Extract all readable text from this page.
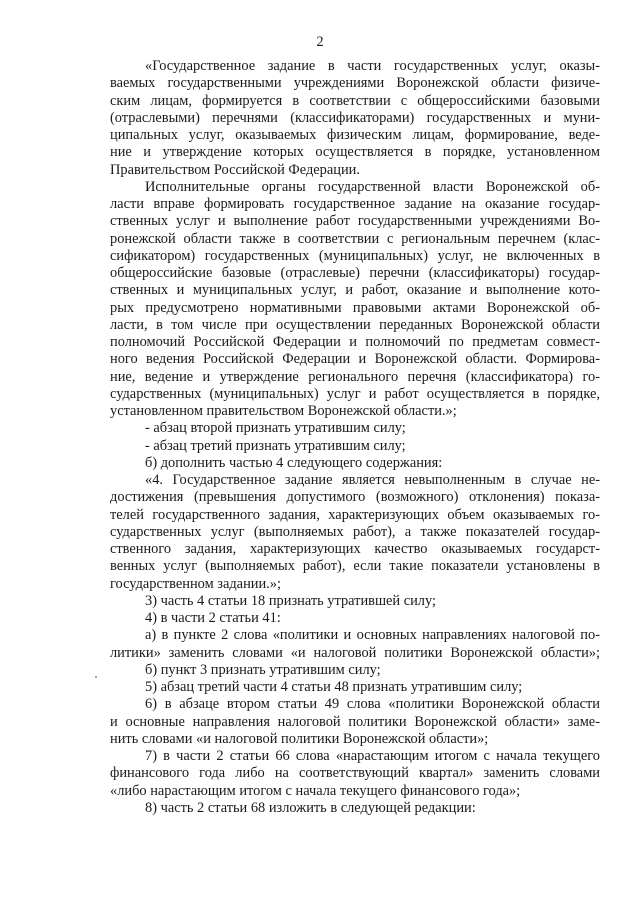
2
«Государственное задание в части государственных услуг, оказы-
ваемых государственными учреждениями Воронежской области физиче-
ским лицам, формируется в соответствии с общероссийскими базовыми
(отраслевыми) перечнями (классификаторами) государственных и муни-
ципальных услуг, оказываемых физическим лицам, формирование, веде-
ние и утверждение которых осуществляется в порядке, установленном
Правительством Российской Федерации.
Исполнительные органы государственной власти Воронежской об-
ласти вправе формировать государственное задание на оказание государ-
ственных услуг и выполнение работ государственными учреждениями Во-
ронежской области также в соответствии с региональным перечнем (клас-
сификатором) государственных (муниципальных) услуг, не включенных в
общероссийские базовые (отраслевые) перечни (классификаторы) государ-
ственных и муниципальных услуг, и работ, оказание и выполнение кото-
рых предусмотрено нормативными правовыми актами Воронежской об-
ласти, в том числе при осуществлении переданных Воронежской области
полномочий Российской Федерации и полномочий по предметам совмест-
ного ведения Российской Федерации и Воронежской области. Формирова-
ние, ведение и утверждение регионального перечня (классификатора) го-
сударственных (муниципальных) услуг и работ осуществляется в порядке,
установленном правительством Воронежской области.»;
- абзац второй признать утратившим силу;
- абзац третий признать утратившим силу;
б) дополнить частью 4 следующего содержания:
«4. Государственное задание является невыполненным в случае не-
достижения (превышения допустимого (возможного) отклонения) показа-
телей государственного задания, характеризующих объем оказываемых го-
сударственных услуг (выполняемых работ), а также показателей государ-
ственного задания, характеризующих качество оказываемых государст-
венных услуг (выполняемых работ), если такие показатели установлены в
государственном задании.»;
3) часть 4 статьи 18 признать утратившей силу;
4) в части 2 статьи 41:
а) в пункте 2 слова «политики и основных направлениях налоговой по-
литики» заменить словами «и налоговой политики Воронежской области»;
б) пункт 3 признать утратившим силу;
5) абзац третий части 4 статьи 48 признать утратившим силу;
6) в абзаце втором статьи 49 слова «политики Воронежской области
и основные направления налоговой политики Воронежской области» заме-
нить словами «и налоговой политики Воронежской области»;
7) в части 2 статьи 66 слова «нарастающим итогом с начала текущего
финансового года либо на соответствующий квартал» заменить словами
«либо нарастающим итогом с начала текущего финансового года»;
8) часть 2 статьи 68 изложить в следующей редакции:
